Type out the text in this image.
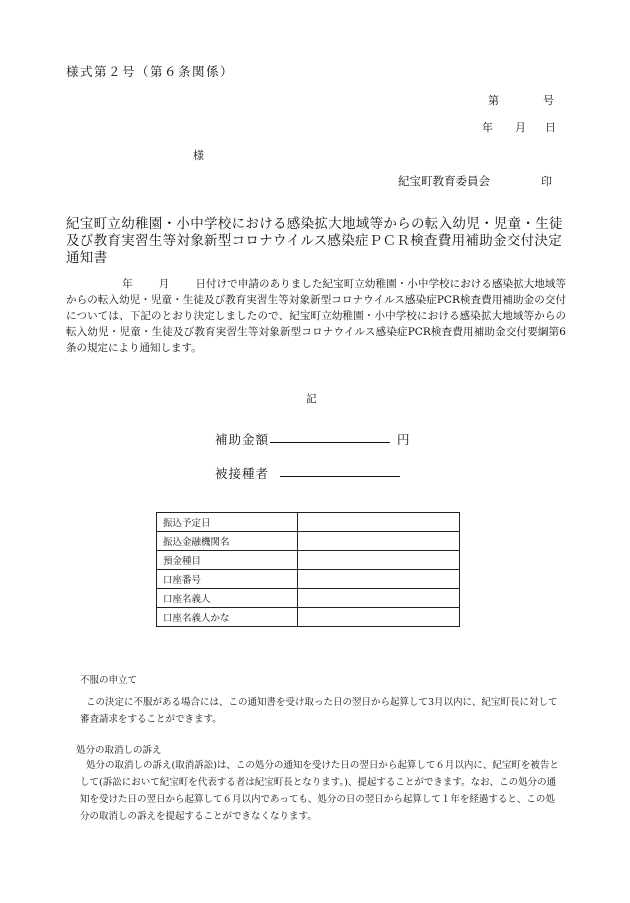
様式第２号（第６条関係）
第	号
年 月 日
様
紀宝町教育委員会	印
紀宝町立幼稚園・小中学校における感染拡大地域等からの転入幼児・児童・生徒及び教育実習生等対象新型コロナウイルス感染症ＰＣＲ検査費用補助金交付決定通知書
年 月 日付けで申請のありました紀宝町立幼稚園・小中学校における感染拡大地域等からの転入幼児・児童・生徒及び教育実習生等対象新型コロナウイルス感染症PCR検査費用補助金の交付については、下記のとおり決定しましたので、紀宝町立幼稚園・小中学校における感染拡大地域等からの転入幼児・児童・生徒及び教育実習生等対象新型コロナウイルス感染症PCR検査費用補助金交付要綱第6条の規定により通知します。
記
補助金額	円
被接種者
振込予定日	
振込金融機関名	
預金種目	
口座番号	
口座名義人	
口座名義人かな	
不服の申立て
この決定に不服がある場合には、この通知書を受け取った日の翌日から起算して3月以内に、紀宝町長に対して審査請求をすることができます。
処分の取消しの訴え
処分の取消しの訴え(取消訴訟)は、この処分の通知を受けた日の翌日から起算して６月以内に、紀宝町を被告として(訴訟において紀宝町を代表する者は紀宝町長となります。)、提起することができます。なお、この処分の通知を受けた日の翌日から起算して６月以内であっても、処分の日の翌日から起算して１年を経過すると、この処分の取消しの訴えを提起することができなくなります。
